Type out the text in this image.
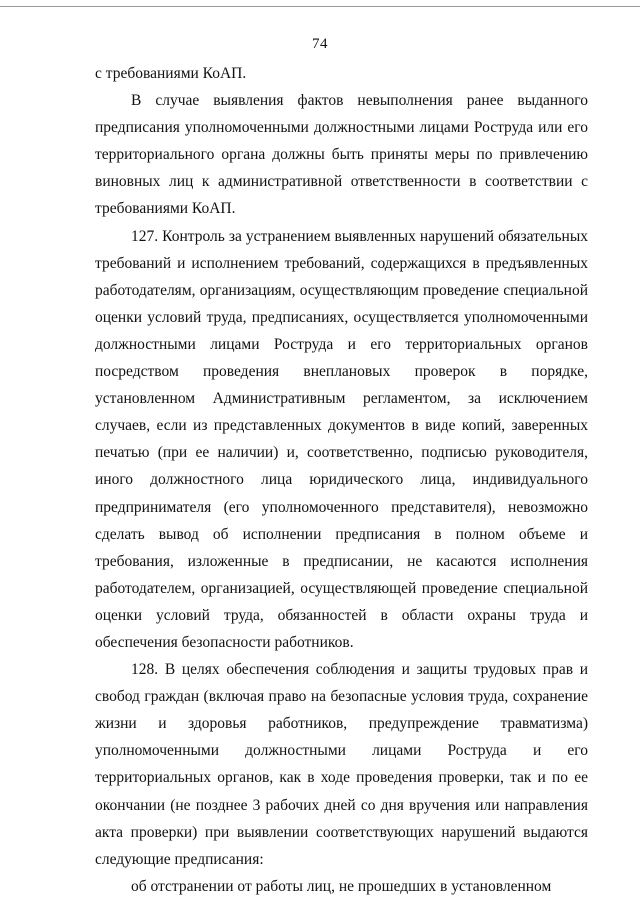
74

с требованиями КоАП.

В случае выявления фактов невыполнения ранее выданного предписания уполномоченными должностными лицами Роструда или его территориального органа должны быть приняты меры по привлечению виновных лиц к административной ответственности в соответствии с требованиями КоАП.

127. Контроль за устранением выявленных нарушений обязательных требований и исполнением требований, содержащихся в предъявленных работодателям, организациям, осуществляющим проведение специальной оценки условий труда, предписаниях, осуществляется уполномоченными должностными лицами Роструда и его территориальных органов посредством проведения внеплановых проверок в порядке, установленном Административным регламентом, за исключением случаев, если из представленных документов в виде копий, заверенных печатью (при ее наличии) и, соответственно, подписью руководителя, иного должностного лица юридического лица, индивидуального предпринимателя (его уполномоченного представителя), невозможно сделать вывод об исполнении предписания в полном объеме и требования, изложенные в предписании, не касаются исполнения работодателем, организацией, осуществляющей проведение специальной оценки условий труда, обязанностей в области охраны труда и обеспечения безопасности работников.

128. В целях обеспечения соблюдения и защиты трудовых прав и свобод граждан (включая право на безопасные условия труда, сохранение жизни и здоровья работников, предупреждение травматизма) уполномоченными должностными лицами Роструда и его территориальных органов, как в ходе проведения проверки, так и по ее окончании (не позднее 3 рабочих дней со дня вручения или направления акта проверки) при выявлении соответствующих нарушений выдаются следующие предписания:

об отстранении от работы лиц, не прошедших в установленном
